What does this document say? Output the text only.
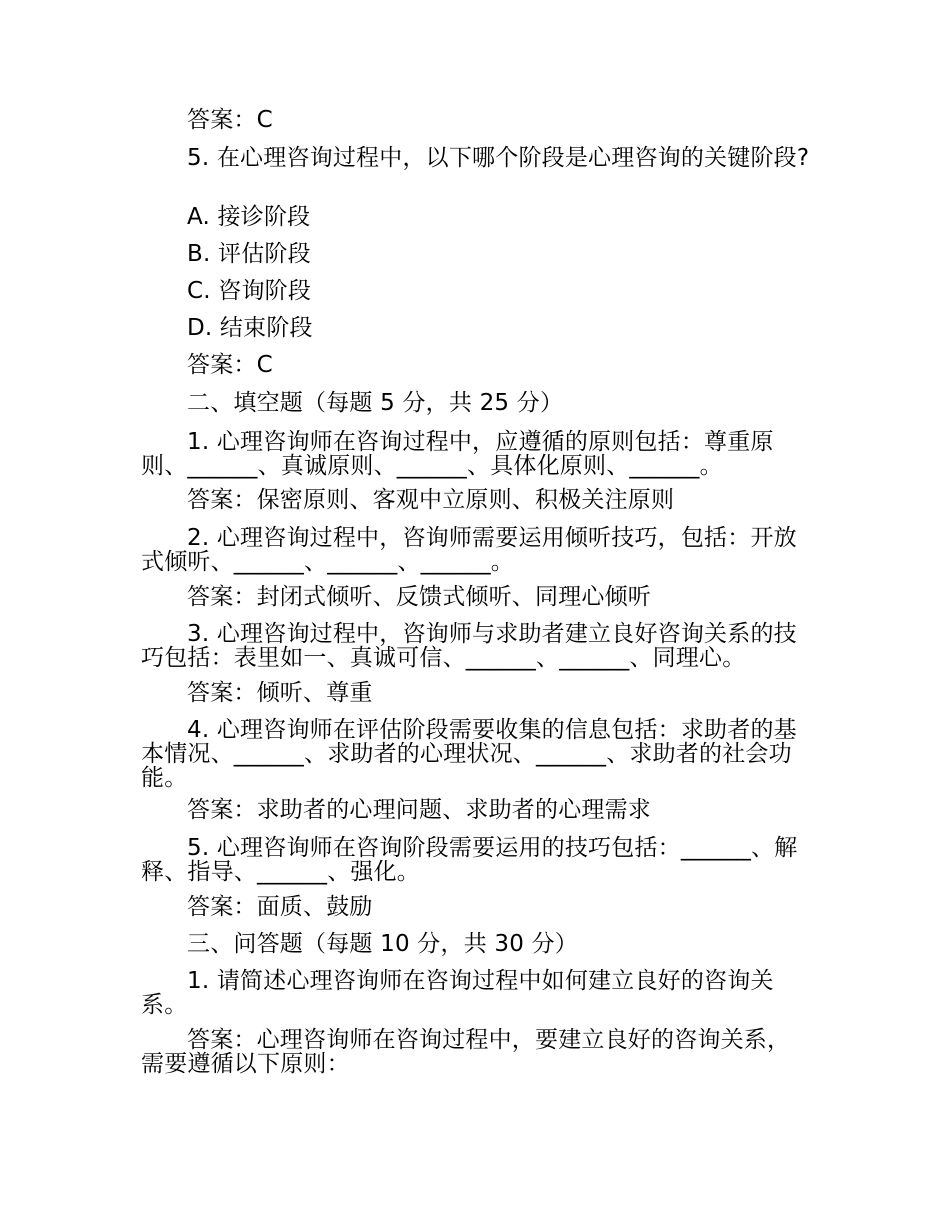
答案：C

5. 在心理咨询过程中，以下哪个阶段是心理咨询的关键阶段?

A. 接诊阶段

B. 评估阶段

C. 咨询阶段

D. 结束阶段

答案：C

二、填空题（每题 5 分，共 25 分）

1. 心理咨询师在咨询过程中，应遵循的原则包括：尊重原则、______、真诚原则、______、具体化原则、______。

答案：保密原则、客观中立原则、积极关注原则

2. 心理咨询过程中，咨询师需要运用倾听技巧，包括：开放式倾听、______、______、______。

答案：封闭式倾听、反馈式倾听、同理心倾听

3. 心理咨询过程中，咨询师与求助者建立良好咨询关系的技巧包括：表里如一、真诚可信、______、______、同理心。

答案：倾听、尊重

4. 心理咨询师在评估阶段需要收集的信息包括：求助者的基本情况、______、求助者的心理状况、______、求助者的社会功能。

答案：求助者的心理问题、求助者的心理需求

5. 心理咨询师在咨询阶段需要运用的技巧包括：______、解释、指导、______、强化。

答案：面质、鼓励

三、问答题（每题 10 分，共 30 分）

1. 请简述心理咨询师在咨询过程中如何建立良好的咨询关系。

答案：心理咨询师在咨询过程中，要建立良好的咨询关系，需要遵循以下原则：
